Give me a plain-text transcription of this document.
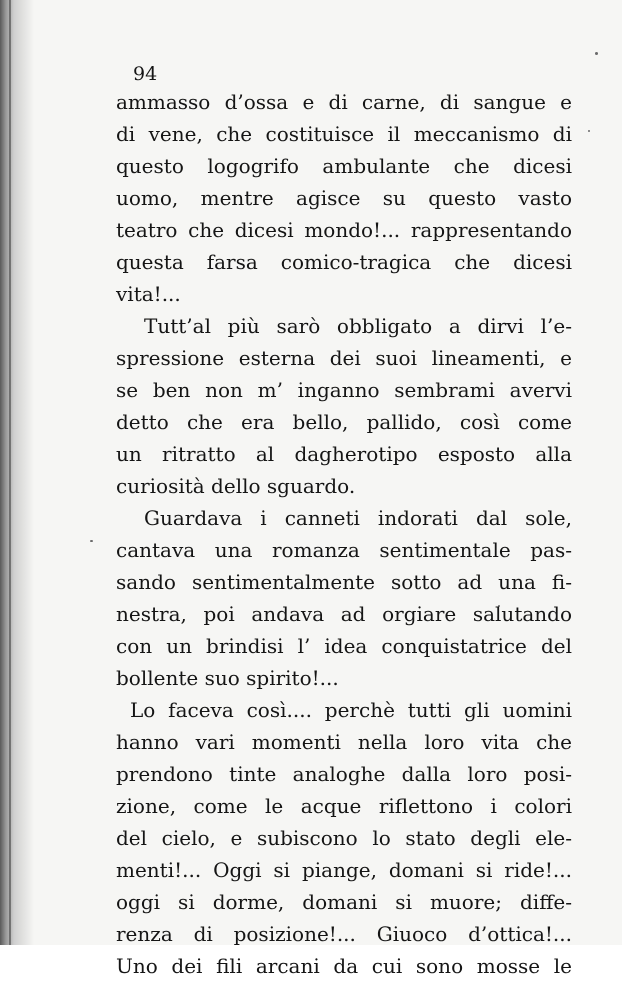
94

ammasso d’ossa e di carne, di sangue e
di vene, che costituisce il meccanismo di
questo logogrifo ambulante che dicesi
uomo, mentre agisce su questo vasto
teatro che dicesi mondo!... rappresentando
questa farsa comico-tragica che dicesi
vita!...
Tutt’al più sarò obbligato a dirvi l’e-
spressione esterna dei suoi lineamenti, e
se ben non m’ inganno sembrami avervi
detto che era bello, pallido, così come
un ritratto al dagherotipo esposto alla
curiosità dello sguardo.
Guardava i canneti indorati dal sole,
cantava una romanza sentimentale pas-
sando sentimentalmente sotto ad una fi-
nestra, poi andava ad orgiare salutando
con un brindisi l’ idea conquistatrice del
bollente suo spirito!...
Lo faceva così.... perchè tutti gli uomini
hanno vari momenti nella loro vita che
prendono tinte analoghe dalla loro posi-
zione, come le acque riflettono i colori
del cielo, e subiscono lo stato degli ele-
menti!... Oggi si piange, domani si ride!...
oggi si dorme, domani si muore; diffe-
renza di posizione!... Giuoco d’ottica!...
Uno dei fili arcani da cui sono mosse le
